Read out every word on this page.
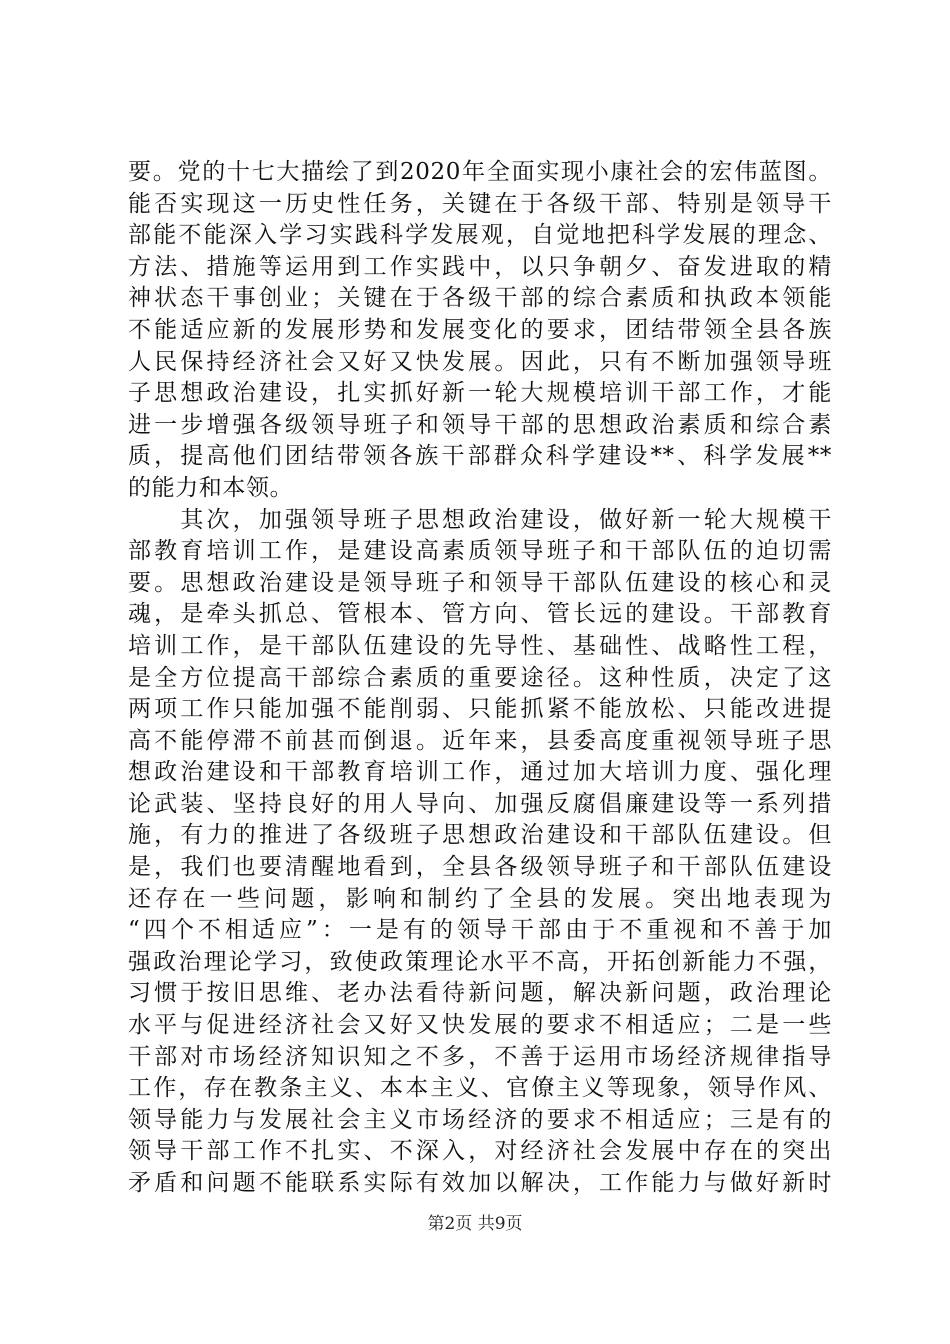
要。党的十七大描绘了到2020年全面实现小康社会的宏伟蓝图。
能否实现这一历史性任务，关键在于各级干部、特别是领导干
部能不能深入学习实践科学发展观，自觉地把科学发展的理念、
方法、措施等运用到工作实践中，以只争朝夕、奋发进取的精
神状态干事创业；关键在于各级干部的综合素质和执政本领能
不能适应新的发展形势和发展变化的要求，团结带领全县各族
人民保持经济社会又好又快发展。因此，只有不断加强领导班
子思想政治建设，扎实抓好新一轮大规模培训干部工作，才能
进一步增强各级领导班子和领导干部的思想政治素质和综合素
质，提高他们团结带领各族干部群众科学建设**、科学发展**
的能力和本领。
　　其次，加强领导班子思想政治建设，做好新一轮大规模干
部教育培训工作，是建设高素质领导班子和干部队伍的迫切需
要。思想政治建设是领导班子和领导干部队伍建设的核心和灵
魂，是牵头抓总、管根本、管方向、管长远的建设。干部教育
培训工作，是干部队伍建设的先导性、基础性、战略性工程，
是全方位提高干部综合素质的重要途径。这种性质，决定了这
两项工作只能加强不能削弱、只能抓紧不能放松、只能改进提
高不能停滞不前甚而倒退。近年来，县委高度重视领导班子思
想政治建设和干部教育培训工作，通过加大培训力度、强化理
论武装、坚持良好的用人导向、加强反腐倡廉建设等一系列措
施，有力的推进了各级班子思想政治建设和干部队伍建设。但
是，我们也要清醒地看到，全县各级领导班子和干部队伍建设
还存在一些问题，影响和制约了全县的发展。突出地表现为
“四个不相适应”：一是有的领导干部由于不重视和不善于加
强政治理论学习，致使政策理论水平不高，开拓创新能力不强，
习惯于按旧思维、老办法看待新问题，解决新问题，政治理论
水平与促进经济社会又好又快发展的要求不相适应；二是一些
干部对市场经济知识知之不多，不善于运用市场经济规律指导
工作，存在教条主义、本本主义、官僚主义等现象，领导作风、
领导能力与发展社会主义市场经济的要求不相适应；三是有的
领导干部工作不扎实、不深入，对经济社会发展中存在的突出
矛盾和问题不能联系实际有效加以解决，工作能力与做好新时
第2页 共9页
